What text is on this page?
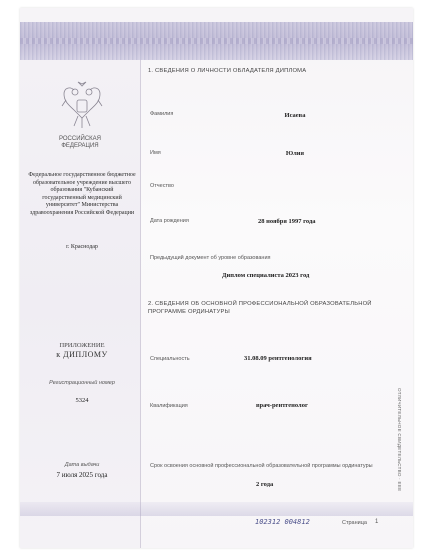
РОССИЙСКАЯ ФЕДЕРАЦИЯ
Федеральное государственное бюджетное образовательное учреждение высшего образования "Кубанский государственный медицинский университет" Министерства здравоохранения Российской Федерации
г. Краснодар
ПРИЛОЖЕНИЕ
к ДИПЛОМУ
Регистрационный номер
5324
Дата выдачи
7 июля 2025 года
1. СВЕДЕНИЯ О ЛИЧНОСТИ ОБЛАДАТЕЛЯ ДИПЛОМА
Фамилия	Исаева
Имя	Юлия
Отчество
Дата рождения	28 ноября 1997 года
Предыдущий документ об уровне образования
Диплом специалиста 2023 год
2. СВЕДЕНИЯ ОБ ОСНОВНОЙ ПРОФЕССИОНАЛЬНОЙ ОБРАЗОВАТЕЛЬНОЙ ПРОГРАММЕ ОРДИНАТУРЫ
Специальность	31.08.09 рентгенология
Квалификация	врач-рентгенолог
Срок освоения основной профессиональной образовательной программы ординатуры
2 года
102312 004812	Страница 1
ОТЛИЧИТЕЛЬНОЕ СВИДЕТЕЛЬСТВО · ЕЕЕ
